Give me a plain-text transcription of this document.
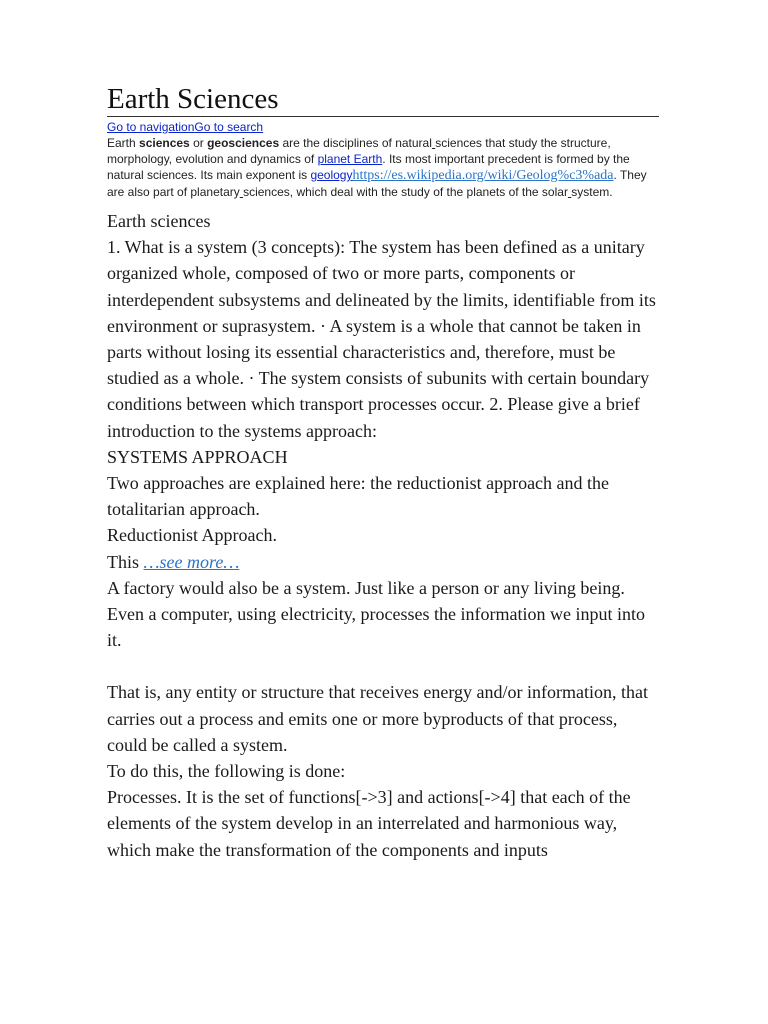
Earth Sciences
Go to navigationGo to search

Earth sciences or geosciences are the disciplines of natural sciences that study the structure, morphology, evolution and dynamics of planet Earth. Its most important precedent is formed by the natural sciences. Its main exponent is geologyhttps://es.wikipedia.org/wiki/Geolog%c3%ada. They are also part of planetary sciences, which deal with the study of the planets of the solar system.

Earth sciences

1. What is a system (3 concepts): The system has been defined as a unitary organized whole, composed of two or more parts, components or interdependent subsystems and delineated by the limits, identifiable from its environment or suprasystem. · A system is a whole that cannot be taken in parts without losing its essential characteristics and, therefore, must be studied as a whole. · The system consists of subunits with certain boundary conditions between which transport processes occur. 2. Please give a brief introduction to the systems approach:

SYSTEMS APPROACH

Two approaches are explained here: the reductionist approach and the totalitarian approach.

Reductionist Approach.

This …see more…

A factory would also be a system. Just like a person or any living being.

Even a computer, using electricity, processes the information we input into it.

That is, any entity or structure that receives energy and/or information, that carries out a process and emits one or more byproducts of that process, could be called a system.

To do this, the following is done:

Processes. It is the set of functions[->3] and actions[->4] that each of the elements of the system develop in an interrelated and harmonious way, which make the transformation of the components and inputs
